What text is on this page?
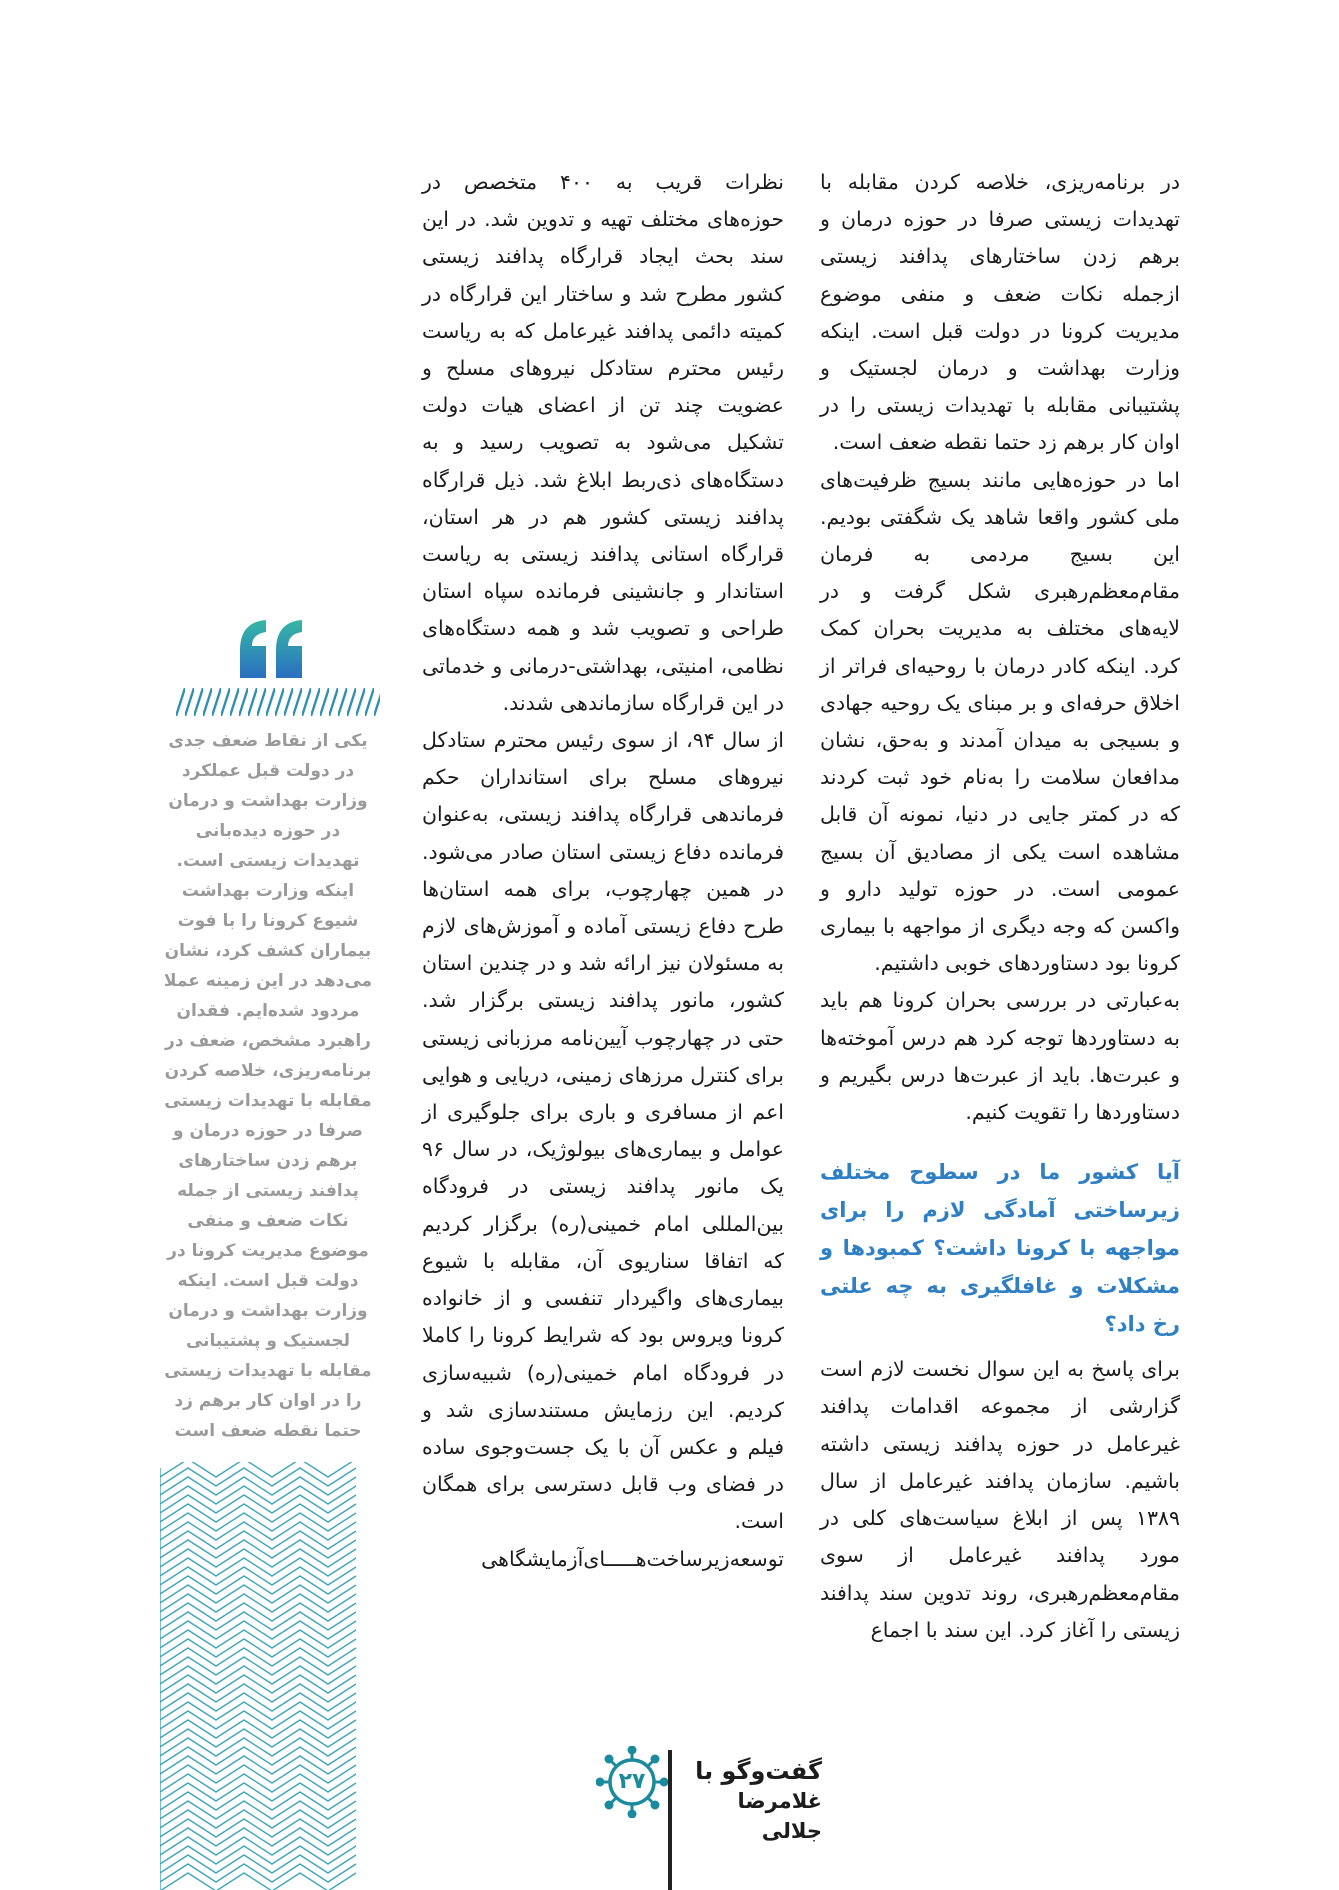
در برنامه‌ریزی، خلاصه کردن مقابله با تهدیدات زیستی صرفا در حوزه درمان و برهم زدن ساختارهای پدافند زیستی ازجمله نکات ضعف و منفی موضوع مدیریت کرونا در دولت قبل است. اینکه وزارت بهداشت و درمان لجستیک و پشتیبانی مقابله با تهدیدات زیستی را در اوان کار برهم زد حتما نقطه ضعف است.

اما در حوزه‌هایی مانند بسیج ظرفیت‌های ملی کشور واقعا شاهد یک شگفتی بودیم. این بسیج مردمی به فرمان مقام‌معظم‌رهبری شکل گرفت و در لایه‌های مختلف به مدیریت بحران کمک کرد. اینکه کادر درمان با روحیه‌ای فراتر از اخلاق حرفه‌ای و بر مبنای یک روحیه جهادی و بسیجی به میدان آمدند و به‌حق، نشان مدافعان سلامت را به‌نام خود ثبت کردند که در کمتر جایی در دنیا، نمونه آن قابل مشاهده است یکی از مصادیق آن بسیج عمومی است. در حوزه تولید دارو و واکسن که وجه دیگری از مواجهه با بیماری کرونا بود دستاوردهای خوبی داشتیم.

به‌عبارتی در بررسی بحران کرونا هم باید به دستاوردها توجه کرد هم درس آموخته‌ها و عبرت‌ها. باید از عبرت‌ها درس بگیریم و دستاوردها را تقویت کنیم.

آیا کشور ما در سطوح مختلف زیرساختی آمادگی لازم را برای مواجهه با کرونا داشت؟ کمبودها و مشکلات و غافلگیری به چه علتی رخ داد؟

برای پاسخ به این سوال نخست لازم است گزارشی از مجموعه اقدامات پدافند غیرعامل در حوزه پدافند زیستی داشته باشیم. سازمان پدافند غیرعامل از سال ۱۳۸۹ پس از ابلاغ سیاست‌های کلی در مورد پدافند غیرعامل از سوی مقام‌معظم‌رهبری، روند تدوین سند پدافند زیستی را آغاز کرد. این سند با اجماع

نظرات قریب به ۴۰۰ متخصص در حوزه‌های مختلف تهیه و تدوین شد. در این سند بحث ایجاد قرارگاه پدافند زیستی کشور مطرح شد و ساختار این قرارگاه در کمیته دائمی پدافند غیرعامل که به ریاست رئیس محترم ستادکل نیروهای مسلح و عضویت چند تن از اعضای هیات دولت تشکیل می‌شود به تصویب رسید و به دستگاه‌های ذی‌ربط ابلاغ شد. ذیل قرارگاه پدافند زیستی کشور هم در هر استان، قرارگاه استانی پدافند زیستی به ریاست استاندار و جانشینی فرمانده سپاه استان طراحی و تصویب شد و همه دستگاه‌های نظامی، امنیتی، بهداشتی-درمانی و خدماتی در این قرارگاه سازماندهی شدند.

از سال ۹۴، از سوی رئیس محترم ستادکل نیروهای مسلح برای استانداران حکم فرماندهی قرارگاه پدافند زیستی، به‌عنوان فرمانده دفاع زیستی استان صادر می‌شود. در همین چهارچوب، برای همه استان‌ها طرح دفاع زیستی آماده و آموزش‌های لازم به مسئولان نیز ارائه شد و در چندین استان کشور، مانور پدافند زیستی برگزار شد. حتی در چهارچوب آیین‌نامه مرزبانی زیستی برای کنترل مرزهای زمینی، دریایی و هوایی اعم از مسافری و باری برای جلوگیری از عوامل و بیماری‌های بیولوژیک، در سال ۹۶ یک مانور پدافند زیستی در فرودگاه بین‌المللی امام خمینی(ره) برگزار کردیم که اتفاقا سناریوی آن، مقابله با شیوع بیماری‌های واگیردار تنفسی و از خانواده کرونا ویروس بود که شرایط کرونا را کاملا در فرودگاه امام خمینی(ره) شبیه‌سازی کردیم. این رزمایش مستندسازی شد و فیلم و عکس آن با یک جست‌وجوی ساده در فضای وب قابل دسترسی برای همگان است.

توسعه‌زیرساخت‌هـــــای‌آزمایشگاهی

یکی از نقاط ضعف جدی در دولت قبل عملکرد وزارت بهداشت و درمان در حوزه دیده‌بانی تهدیدات زیستی است. اینکه وزارت بهداشت شیوع کرونا را با فوت بیماران کشف کرد، نشان می‌دهد در این زمینه عملا مردود شده‌ایم. فقدان راهبرد مشخص، ضعف در برنامه‌ریزی، خلاصه کردن مقابله با تهدیدات زیستی صرفا در حوزه درمان و برهم زدن ساختارهای پدافند زیستی از جمله نکات ضعف و منفی موضوع مدیریت کرونا در دولت قبل است. اینکه وزارت بهداشت و درمان لجستیک و پشتیبانی مقابله با تهدیدات زیستی را در اوان کار برهم زد حتما نقطه ضعف است
۲۷	گفت‌وگو با
غلامرضا جلالی
